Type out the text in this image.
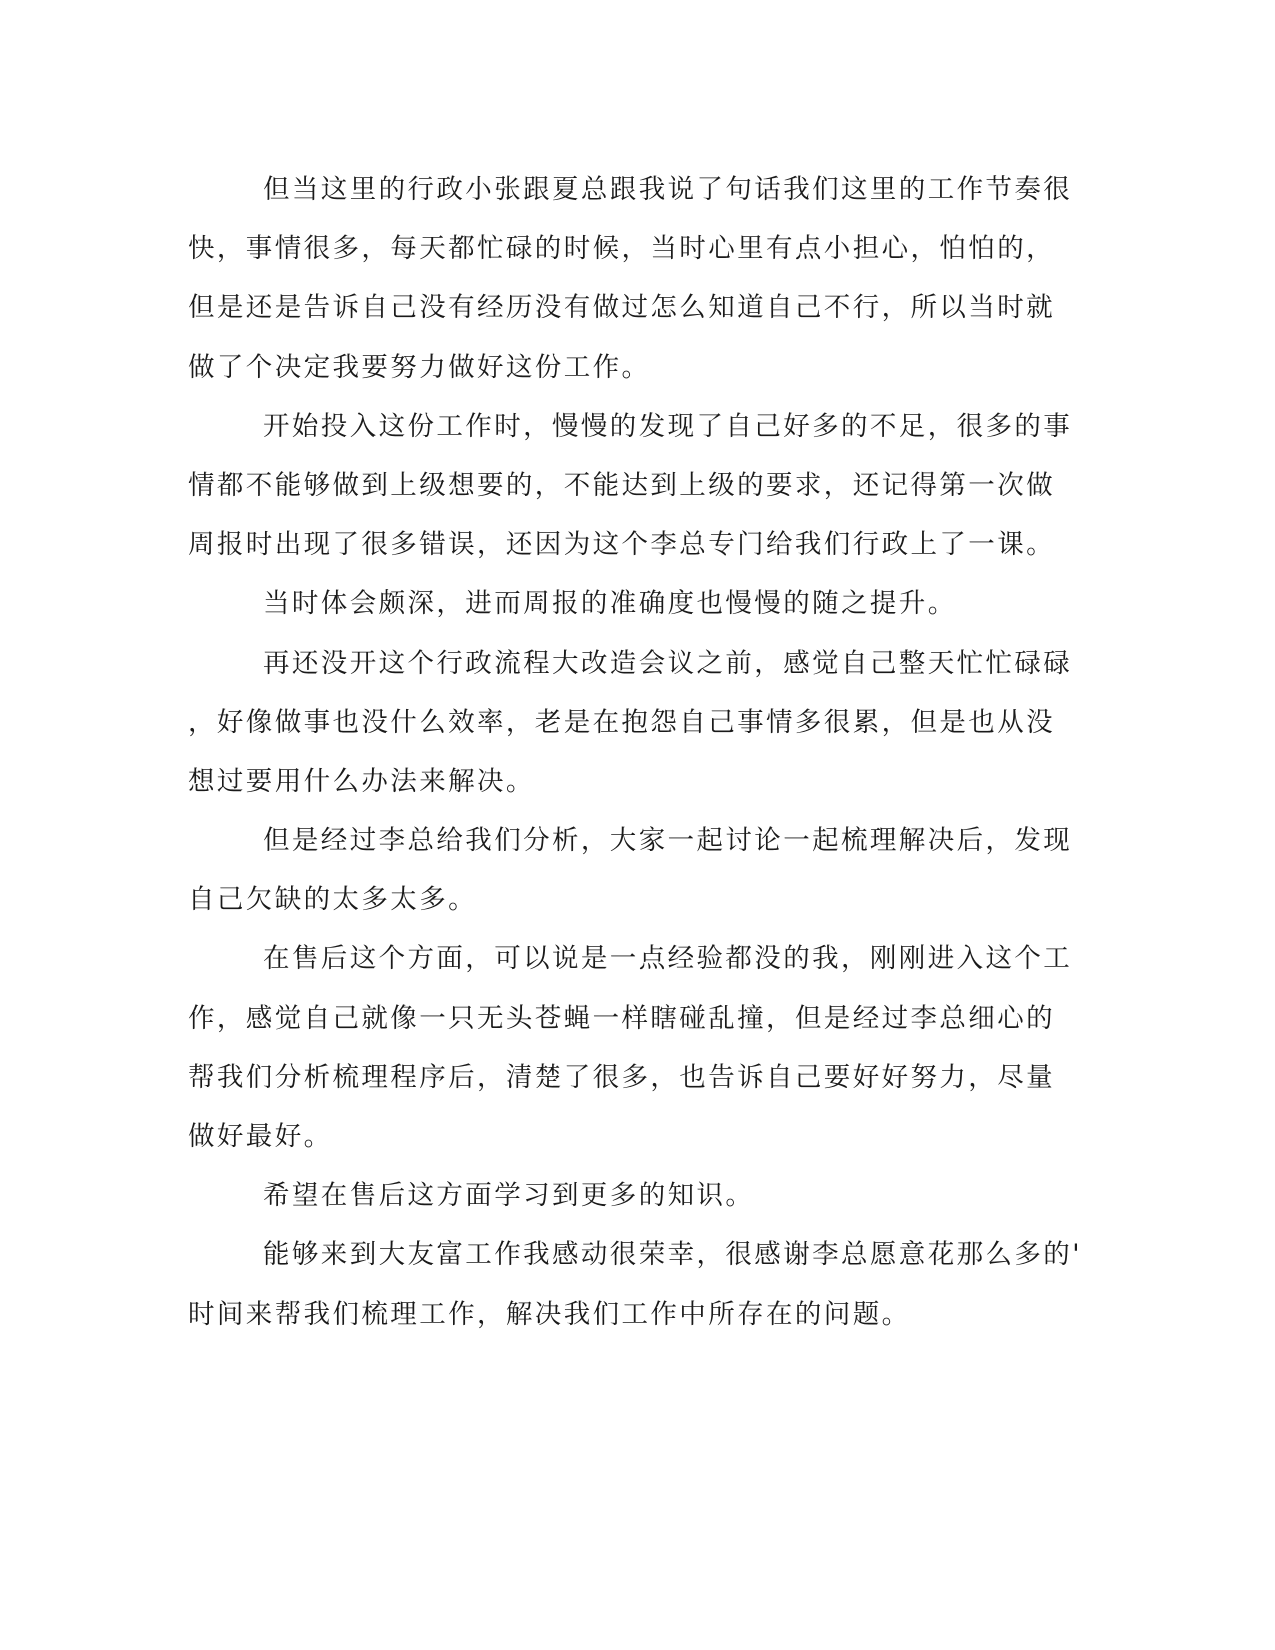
但当这里的行政小张跟夏总跟我说了句话我们这里的工作节奏很
快，事情很多，每天都忙碌的时候，当时心里有点小担心，怕怕的，
但是还是告诉自己没有经历没有做过怎么知道自己不行，所以当时就
做了个决定我要努力做好这份工作。
开始投入这份工作时，慢慢的发现了自己好多的不足，很多的事
情都不能够做到上级想要的，不能达到上级的要求，还记得第一次做
周报时出现了很多错误，还因为这个李总专门给我们行政上了一课。
当时体会颇深，进而周报的准确度也慢慢的随之提升。
再还没开这个行政流程大改造会议之前，感觉自己整天忙忙碌碌
，好像做事也没什么效率，老是在抱怨自己事情多很累，但是也从没
想过要用什么办法来解决。
但是经过李总给我们分析，大家一起讨论一起梳理解决后，发现
自己欠缺的太多太多。
在售后这个方面，可以说是一点经验都没的我，刚刚进入这个工
作，感觉自己就像一只无头苍蝇一样瞎碰乱撞，但是经过李总细心的
帮我们分析梳理程序后，清楚了很多，也告诉自己要好好努力，尽量
做好最好。
希望在售后这方面学习到更多的知识。
能够来到大友富工作我感动很荣幸，很感谢李总愿意花那么多的'
时间来帮我们梳理工作，解决我们工作中所存在的问题。
